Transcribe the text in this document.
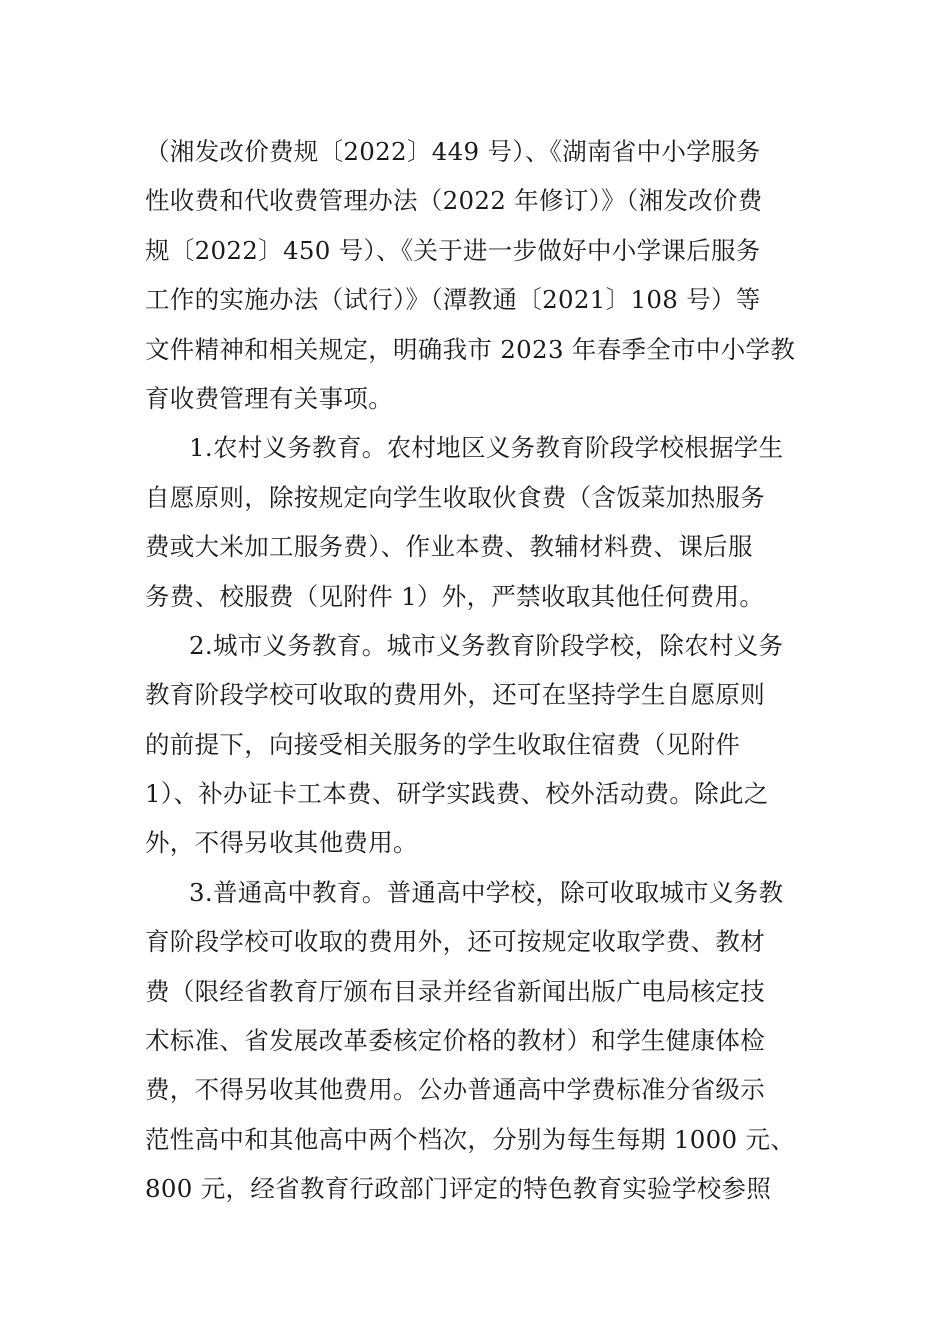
（湘发改价费规〔2022〕449 号）、《湖南省中小学服务
性收费和代收费管理办法（2022 年修订）》（湘发改价费
规〔2022〕450 号）、《关于进一步做好中小学课后服务
工作的实施办法（试行）》（潭教通〔2021〕108 号）等
文件精神和相关规定，明确我市 2023 年春季全市中小学教
育收费管理有关事项。
1.农村义务教育。农村地区义务教育阶段学校根据学生
自愿原则，除按规定向学生收取伙食费（含饭菜加热服务
费或大米加工服务费）、作业本费、教辅材料费、课后服
务费、校服费（见附件 1）外，严禁收取其他任何费用。
2.城市义务教育。城市义务教育阶段学校，除农村义务
教育阶段学校可收取的费用外，还可在坚持学生自愿原则
的前提下，向接受相关服务的学生收取住宿费（见附件
1）、补办证卡工本费、研学实践费、校外活动费。除此之
外，不得另收其他费用。
3.普通高中教育。普通高中学校，除可收取城市义务教
育阶段学校可收取的费用外，还可按规定收取学费、教材
费（限经省教育厅颁布目录并经省新闻出版广电局核定技
术标准、省发展改革委核定价格的教材）和学生健康体检
费，不得另收其他费用。公办普通高中学费标准分省级示
范性高中和其他高中两个档次，分别为每生每期 1000 元、
800 元，经省教育行政部门评定的特色教育实验学校参照
